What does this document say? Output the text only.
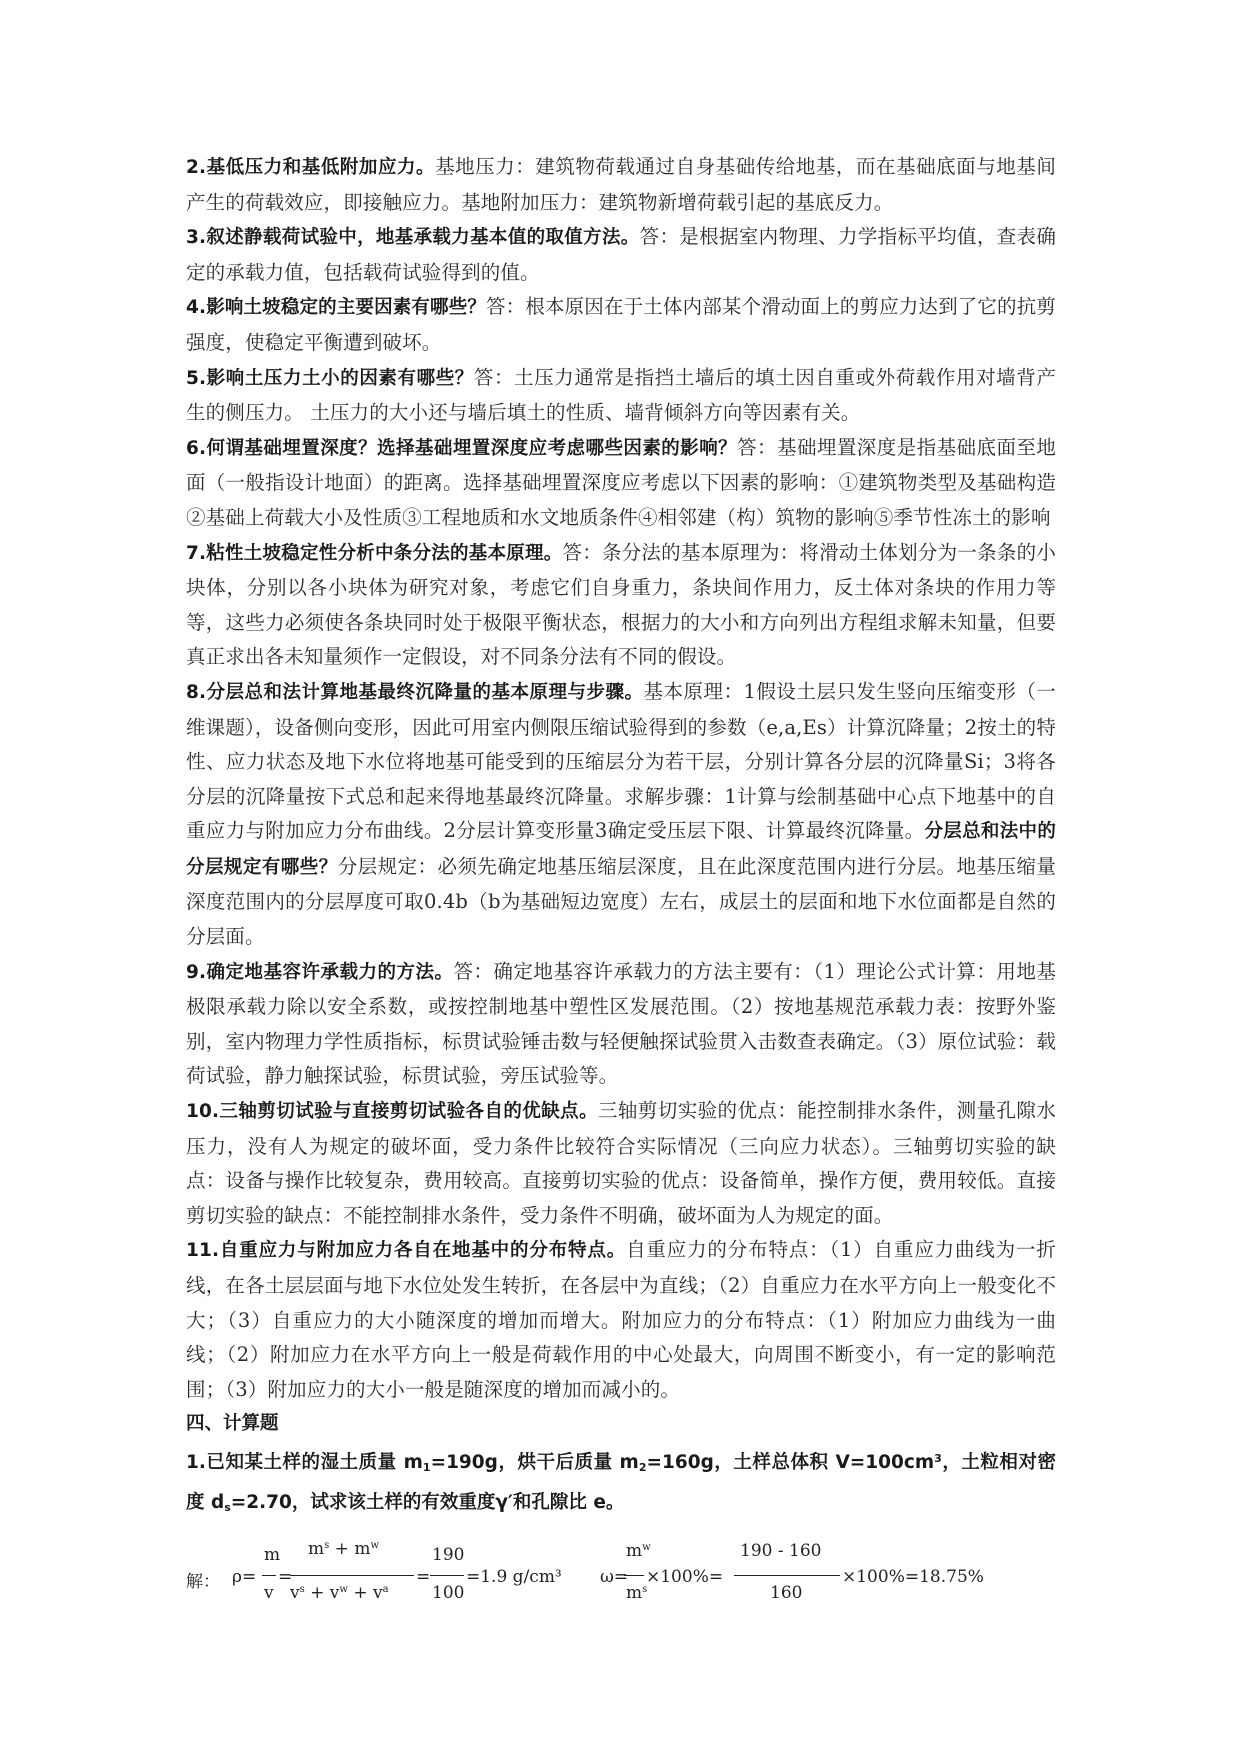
2.基低压力和基低附加应力。基地压力：建筑物荷载通过自身基础传给地基，而在基础底面与地基间产生的荷载效应，即接触应力。基地附加压力：建筑物新增荷载引起的基底反力。

3.叙述静载荷试验中，地基承载力基本值的取值方法。答：是根据室内物理、力学指标平均值，查表确定的承载力值，包括载荷试验得到的值。

4.影响土坡稳定的主要因素有哪些？答：根本原因在于土体内部某个滑动面上的剪应力达到了它的抗剪强度，使稳定平衡遭到破坏。

5.影响土压力土小的因素有哪些？答：土压力通常是指挡土墙后的填土因自重或外荷载作用对墙背产生的侧压力。 土压力的大小还与墙后填土的性质、墙背倾斜方向等因素有关。

6.何谓基础埋置深度？选择基础埋置深度应考虑哪些因素的影响？答：基础埋置深度是指基础底面至地面（一般指设计地面）的距离。选择基础埋置深度应考虑以下因素的影响：①建筑物类型及基础构造②基础上荷载大小及性质③工程地质和水文地质条件④相邻建（构）筑物的影响⑤季节性冻土的影响

7.粘性土坡稳定性分析中条分法的基本原理。答：条分法的基本原理为：将滑动土体划分为一条条的小块体，分别以各小块体为研究对象，考虑它们自身重力，条块间作用力，反土体对条块的作用力等等，这些力必须使各条块同时处于极限平衡状态，根据力的大小和方向列出方程组求解未知量，但要真正求出各未知量须作一定假设，对不同条分法有不同的假设。

8.分层总和法计算地基最终沉降量的基本原理与步骤。基本原理：1假设土层只发生竖向压缩变形（一维课题），设备侧向变形，因此可用室内侧限压缩试验得到的参数（e,a,Es）计算沉降量；2按土的特性、应力状态及地下水位将地基可能受到的压缩层分为若干层，分别计算各分层的沉降量Si；3将各分层的沉降量按下式总和起来得地基最终沉降量。求解步骤：1计算与绘制基础中心点下地基中的自重应力与附加应力分布曲线。2分层计算变形量3确定受压层下限、计算最终沉降量。分层总和法中的分层规定有哪些？分层规定：必须先确定地基压缩层深度，且在此深度范围内进行分层。地基压缩量深度范围内的分层厚度可取0.4b（b为基础短边宽度）左右，成层土的层面和地下水位面都是自然的分层面。

9.确定地基容许承载力的方法。答：确定地基容许承载力的方法主要有：（1）理论公式计算：用地基极限承载力除以安全系数，或按控制地基中塑性区发展范围。（2）按地基规范承载力表：按野外鉴别，室内物理力学性质指标，标贯试验锤击数与轻便触探试验贯入击数查表确定。（3）原位试验：载荷试验，静力触探试验，标贯试验，旁压试验等。

10.三轴剪切试验与直接剪切试验各自的优缺点。三轴剪切实验的优点：能控制排水条件，测量孔隙水压力，没有人为规定的破坏面，受力条件比较符合实际情况（三向应力状态）。三轴剪切实验的缺点：设备与操作比较复杂，费用较高。直接剪切实验的优点：设备简单，操作方便，费用较低。直接剪切实验的缺点：不能控制排水条件，受力条件不明确，破坏面为人为规定的面。

11.自重应力与附加应力各自在地基中的分布特点。自重应力的分布特点：（1）自重应力曲线为一折线，在各土层层面与地下水位处发生转折，在各层中为直线；（2）自重应力在水平方向上一般变化不大；（3）自重应力的大小随深度的增加而增大。附加应力的分布特点：（1）附加应力曲线为一曲线；（2）附加应力在水平方向上一般是荷载作用的中心处最大，向周围不断变小，有一定的影响范围；（3）附加应力的大小一般是随深度的增加而减小的。

四、计算题

1.已知某土样的湿土质量 $m_1=190g$，烘干后质量 $m_2=160g$，土样总体积 $V=100cm^3$，土粒相对密度 $d_s=2.70$，试求该土样的有效重度γ′和孔隙比 e。

解： ρ=
m
v
=
$m^s + m^w$
$v^s + v^w + v^a$
=
190
100
=1.9 g/cm³ ω=
$m^w$
$m^s$
×100%=
190 - 160
160
×100%=18.75%
